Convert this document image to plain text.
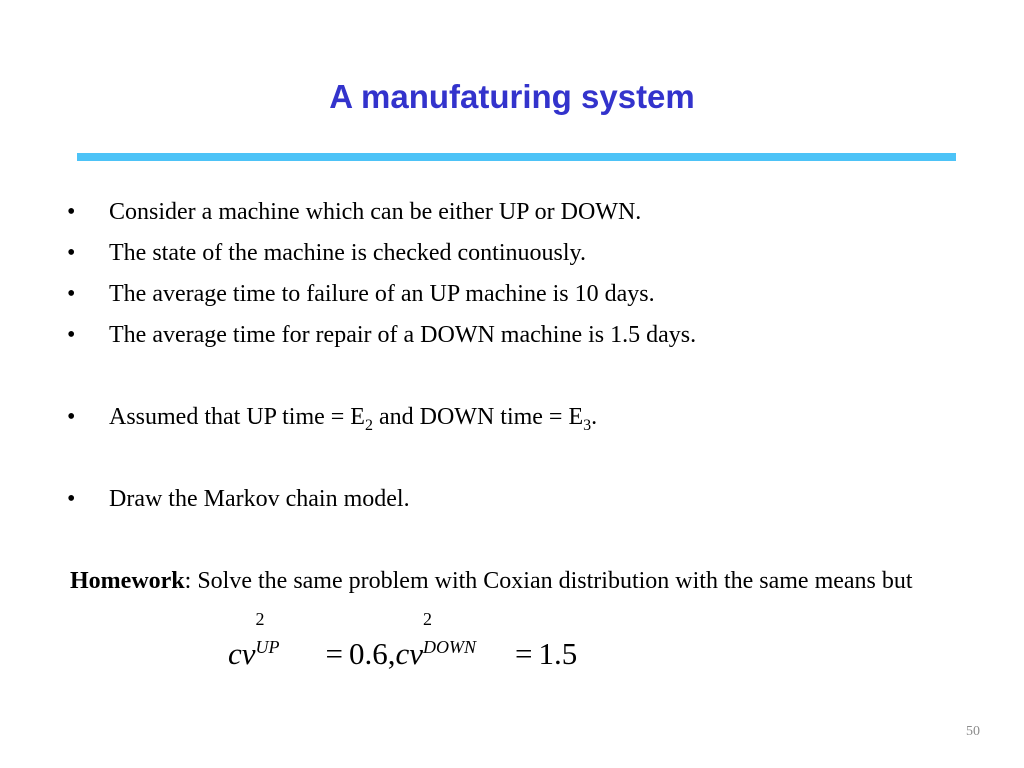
A manufaturing system
• Consider a machine which can be either UP or DOWN.
• The state of the machine is checked continuously.
• The average time to failure of an UP machine is 10 days.
• The average time for repair of a DOWN machine is 1.5 days.
• Assumed that UP time = $E_2$ and DOWN time = $E_3$.
• Draw the Markov chain model.
Homework: Solve the same problem with Coxian distribution with the same means but
cv
2
UP = 0.6,cv
2
DOWN = 1.5
50
